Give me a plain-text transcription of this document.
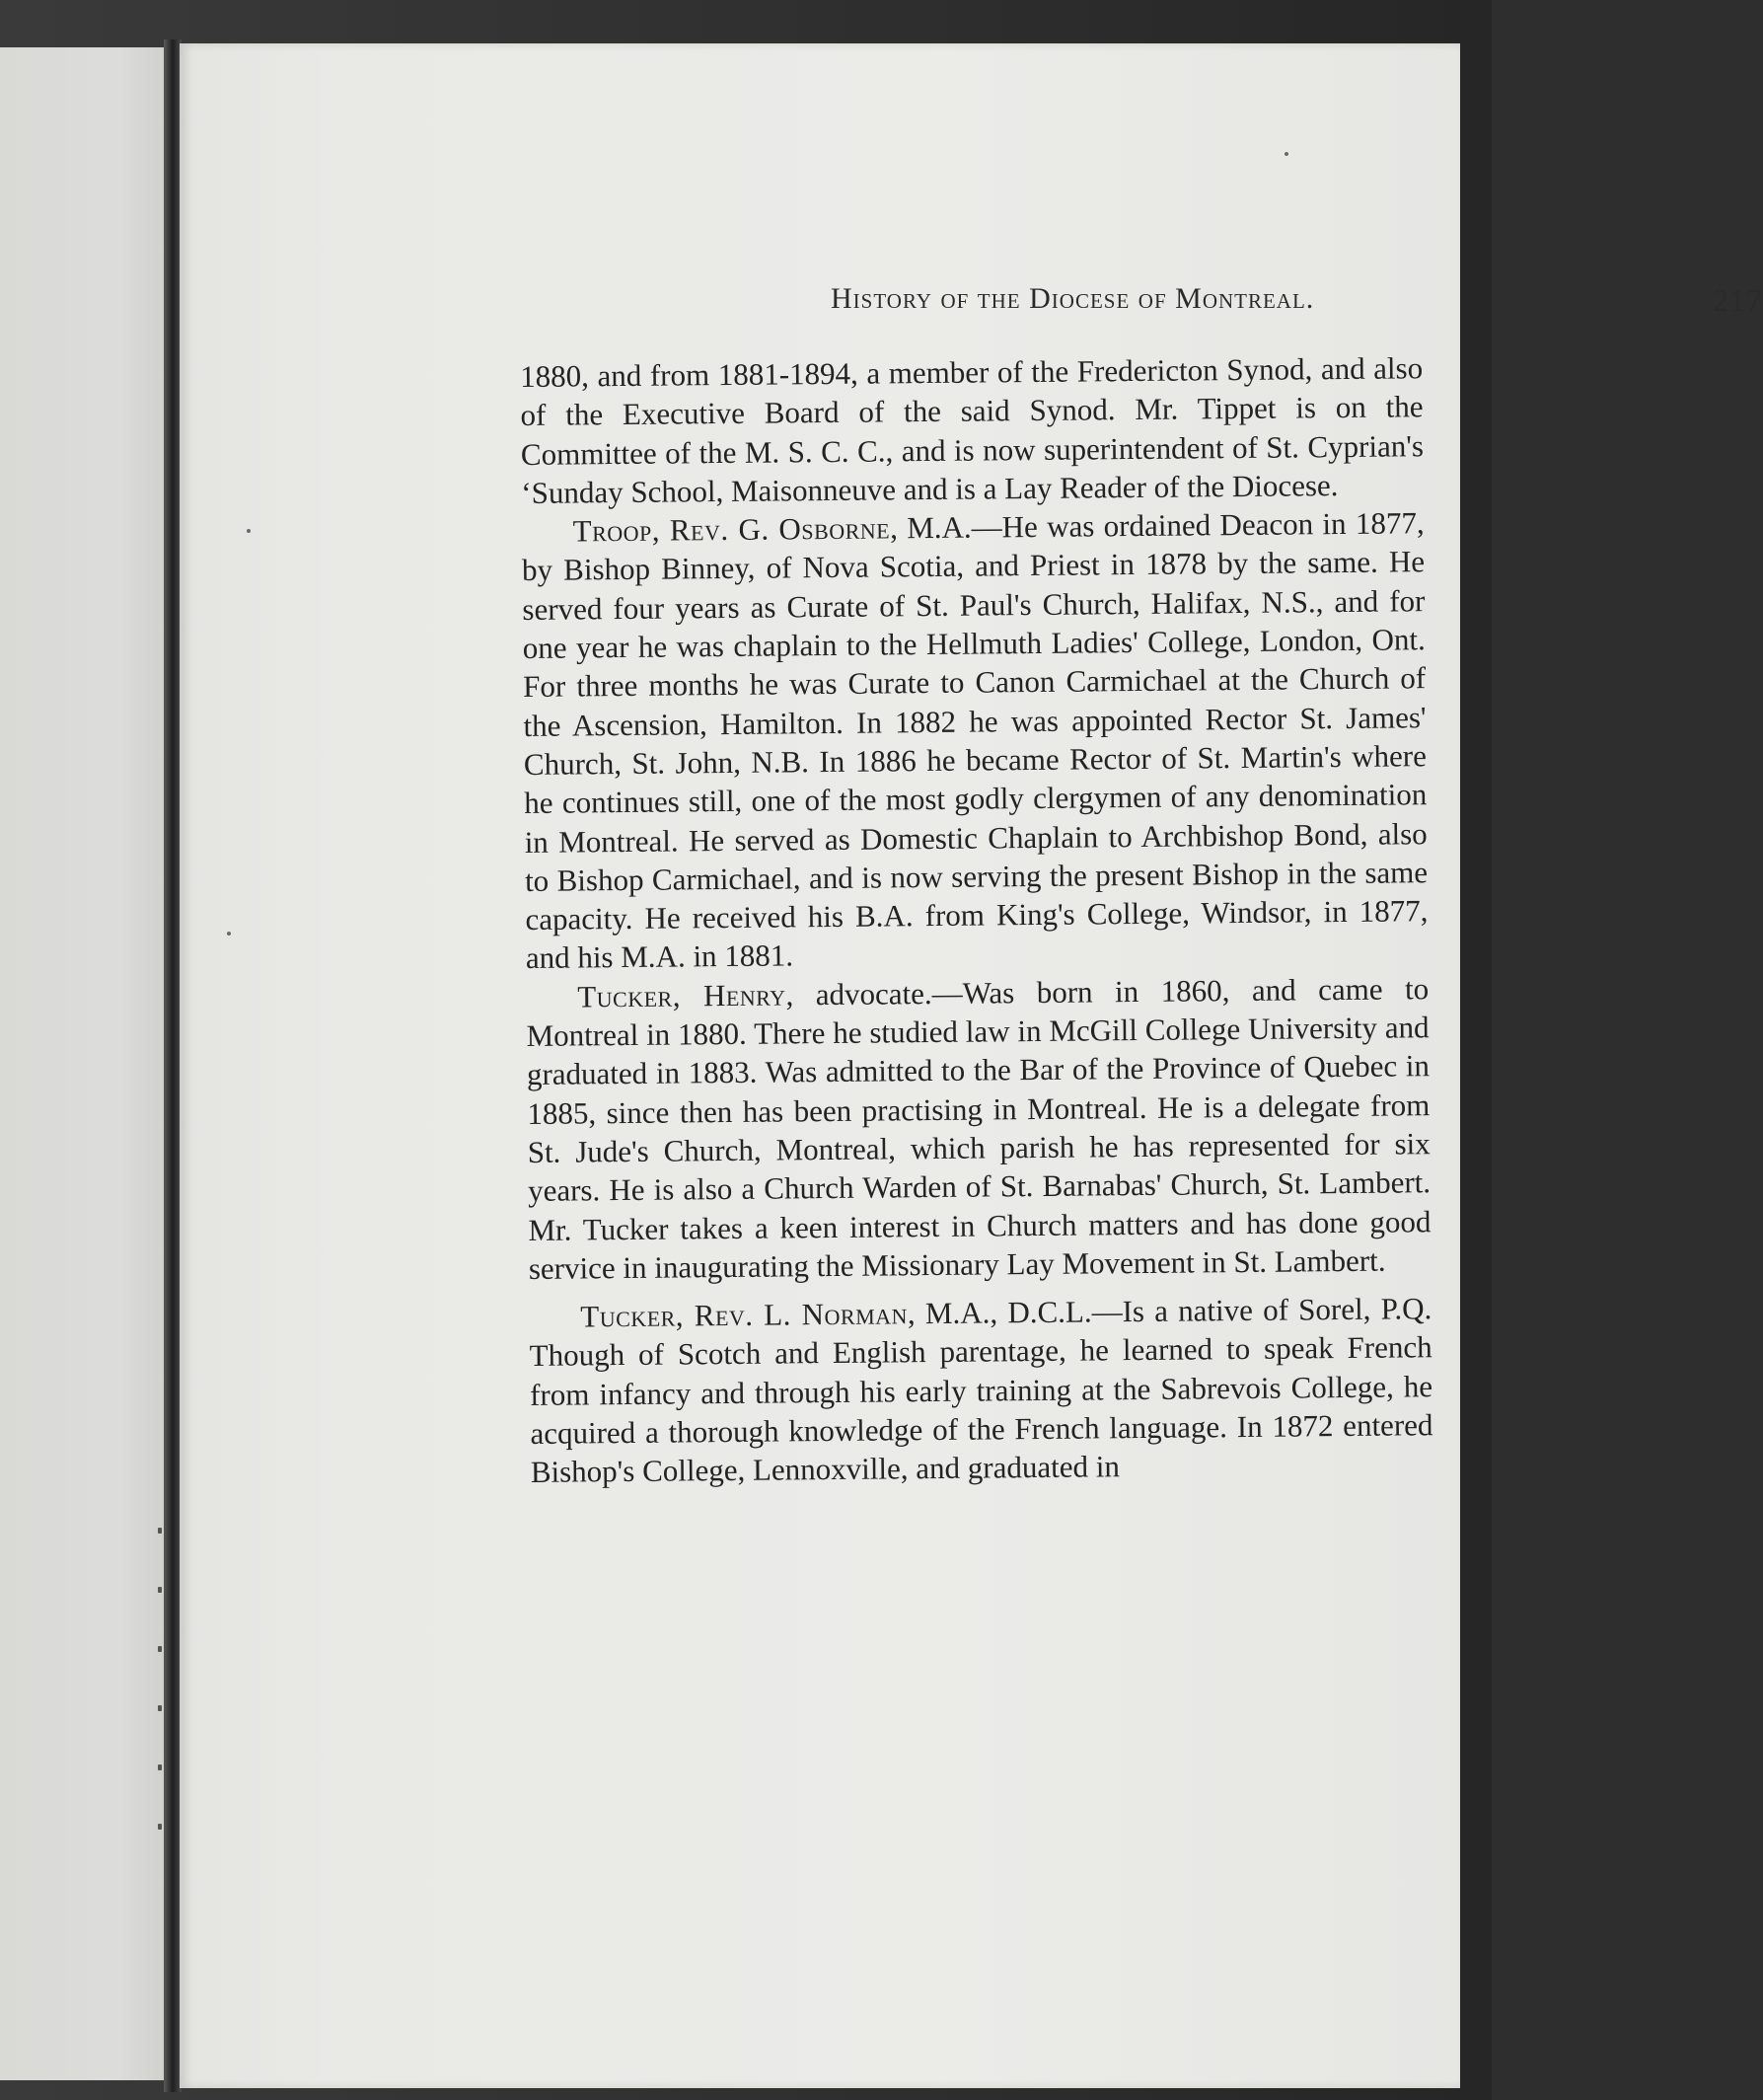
History of the Diocese of Montreal.	217

1880, and from 1881-1894, a member of the Fredericton Synod, and also of the Executive Board of the said Synod. Mr. Tippet is on the Committee of the M. S. C. C., and is now superintendent of St. Cyprian's ‘Sunday School, Maisonneuve and is a Lay Reader of the Diocese.

Troop, Rev. G. Osborne, M.A.—He was ordained Deacon in 1877, by Bishop Binney, of Nova Scotia, and Priest in 1878 by the same. He served four years as Curate of St. Paul's Church, Halifax, N.S., and for one year he was chaplain to the Hellmuth Ladies' College, London, Ont. For three months he was Curate to Canon Carmichael at the Church of the Ascension, Hamilton. In 1882 he was appointed Rector St. James' Church, St. John, N.B. In 1886 he became Rector of St. Martin's where he continues still, one of the most godly clergymen of any denomination in Montreal. He served as Domestic Chaplain to Archbishop Bond, also to Bishop Carmichael, and is now serving the present Bishop in the same capacity. He received his B.A. from King's College, Windsor, in 1877, and his M.A. in 1881.

Tucker, Henry, advocate.—Was born in 1860, and came to Montreal in 1880. There he studied law in McGill College University and graduated in 1883. Was admitted to the Bar of the Province of Quebec in 1885, since then has been practising in Montreal. He is a delegate from St. Jude's Church, Montreal, which parish he has represented for six years. He is also a Church Warden of St. Barnabas' Church, St. Lambert. Mr. Tucker takes a keen interest in Church matters and has done good service in inaugurating the Missionary Lay Movement in St. Lambert.

Tucker, Rev. L. Norman, M.A., D.C.L.—Is a native of Sorel, P.Q. Though of Scotch and English parentage, he learned to speak French from infancy and through his early training at the Sabrevois College, he acquired a thorough knowledge of the French language. In 1872 entered Bishop's College, Lennoxville, and graduated in
